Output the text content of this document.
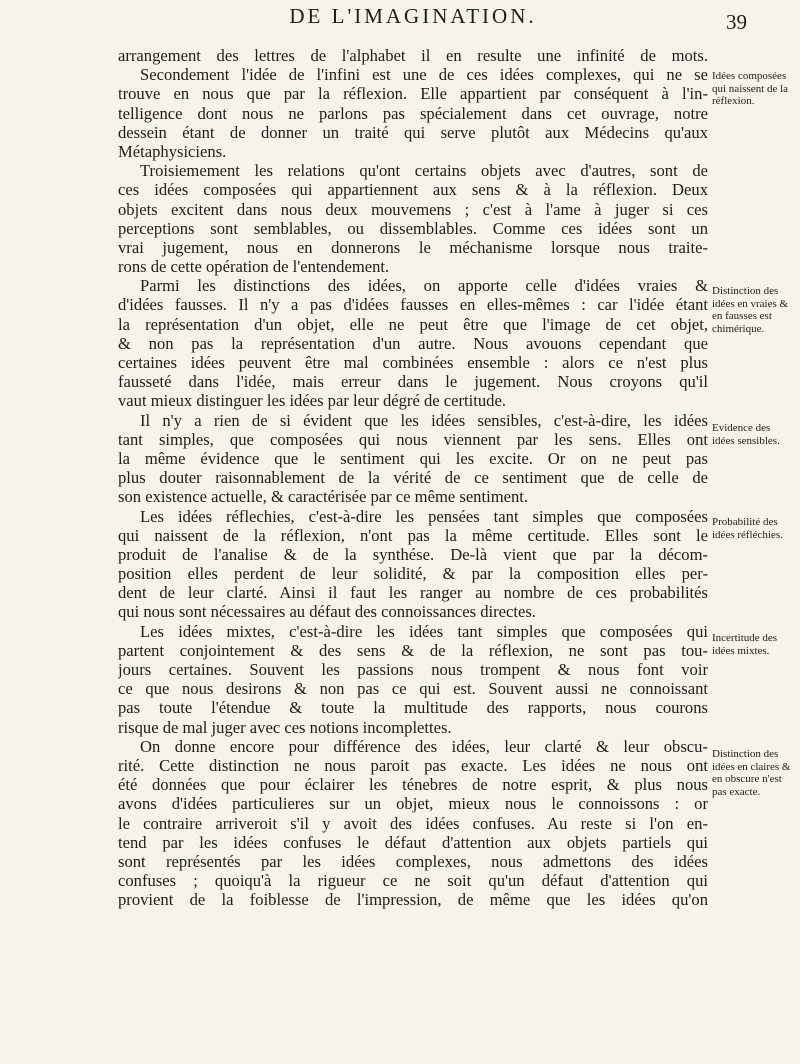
DE L'IMAGINATION.	39
arrangement des lettres de l'alphabet il en resulte une infinité de mots.
Secondement l'idée de l'infini est une de ces idées complexes, qui ne se
trouve en nous que par la réflexion. Elle appartient par conséquent à l'in-
telligence dont nous ne parlons pas spécialement dans cet ouvrage, notre
dessein étant de donner un traité qui serve plutôt aux Médecins qu'aux
Métaphysiciens.
Troisiemement les relations qu'ont certains objets avec d'autres, sont de
ces idées composées qui appartiennent aux sens & à la réflexion. Deux
objets excitent dans nous deux mouvemens ; c'est à l'ame à juger si ces
perceptions sont semblables, ou dissemblables. Comme ces idées sont un
vrai jugement, nous en donnerons le méchanisme lorsque nous traite-
rons de cette opération de l'entendement.
Parmi les distinctions des idées, on apporte celle d'idées vraies &
d'idées fausses. Il n'y a pas d'idées fausses en elles-mêmes : car l'idée étant
la représentation d'un objet, elle ne peut être que l'image de cet objet,
& non pas la représentation d'un autre. Nous avouons cependant que
certaines idées peuvent être mal combinées ensemble : alors ce n'est plus
fausseté dans l'idée, mais erreur dans le jugement. Nous croyons qu'il
vaut mieux distinguer les idées par leur dégré de certitude.
Il n'y a rien de si évident que les idées sensibles, c'est-à-dire, les idées
tant simples, que composées qui nous viennent par les sens. Elles ont
la même évidence que le sentiment qui les excite. Or on ne peut pas
plus douter raisonnablement de la vérité de ce sentiment que de celle de
son existence actuelle, & caractérisée par ce même sentiment.
Les idées réflechies, c'est-à-dire les pensées tant simples que composées
qui naissent de la réflexion, n'ont pas la même certitude. Elles sont le
produit de l'analise & de la synthése. De-là vient que par la décom-
position elles perdent de leur solidité, & par la composition elles per-
dent de leur clarté. Ainsi il faut les ranger au nombre de ces probabilités
qui nous sont nécessaires au défaut des connoissances directes.
Les idées mixtes, c'est-à-dire les idées tant simples que composées qui
partent conjointement & des sens & de la réflexion, ne sont pas tou-
jours certaines. Souvent les passions nous trompent & nous font voir
ce que nous desirons & non pas ce qui est. Souvent aussi ne connoissant
pas toute l'étendue & toute la multitude des rapports, nous courons
risque de mal juger avec ces notions incomplettes.
On donne encore pour différence des idées, leur clarté & leur obscu-
rité. Cette distinction ne nous paroit pas exacte. Les idées ne nous ont
été données que pour éclairer les ténebres de notre esprit, & plus nous
avons d'idées particulieres sur un objet, mieux nous le connoissons : or
le contraire arriveroit s'il y avoit des idées confuses. Au reste si l'on en-
tend par les idées confuses le défaut d'attention aux objets partiels qui
sont représentés par les idées complexes, nous admettons des idées
confuses ; quoiqu'à la rigueur ce ne soit qu'un défaut d'attention qui
provient de la foiblesse de l'impression, de même que les idées qu'on
Idées composées qui naissent de la réflexion.
Distinction des idées en vraies & en fausses est chimérique.
Evidence des idées sensibles.
Probabilité des idées réfléchies.
Incertitude des idées mixtes.
Distinction des idées en claires & en obscure n'est pas exacte.
